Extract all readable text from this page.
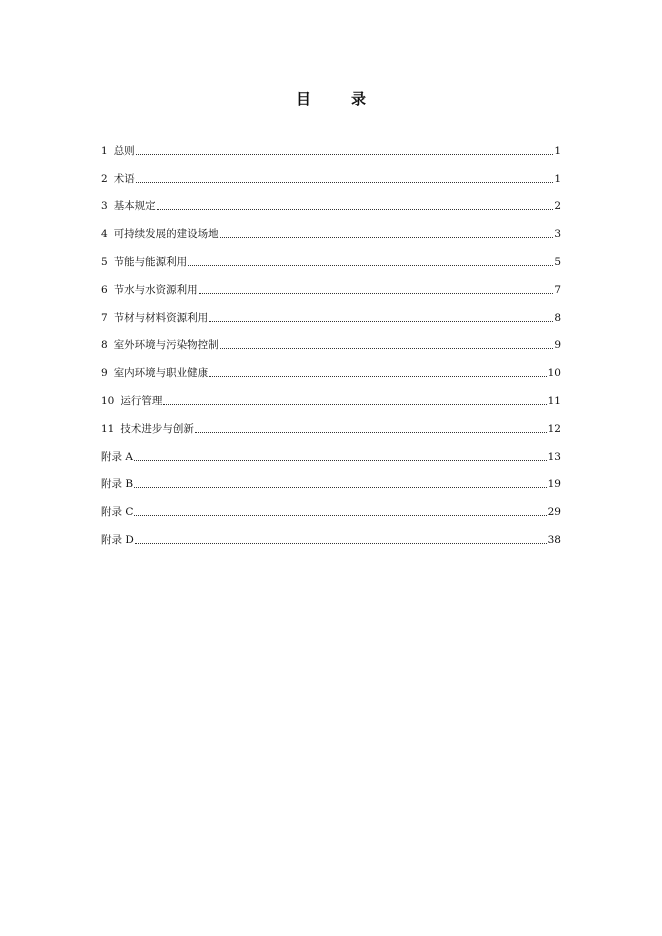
目	录
1 总则	1
2 术语	1
3 基本规定	2
4 可持续发展的建设场地	3
5 节能与能源利用	5
6 节水与水资源利用	7
7 节材与材料资源利用	8
8 室外环境与污染物控制	9
9 室内环境与职业健康	10
10 运行管理	11
11 技术进步与创新	12
附录 A	13
附录 B	19
附录 C	29
附录 D	38
